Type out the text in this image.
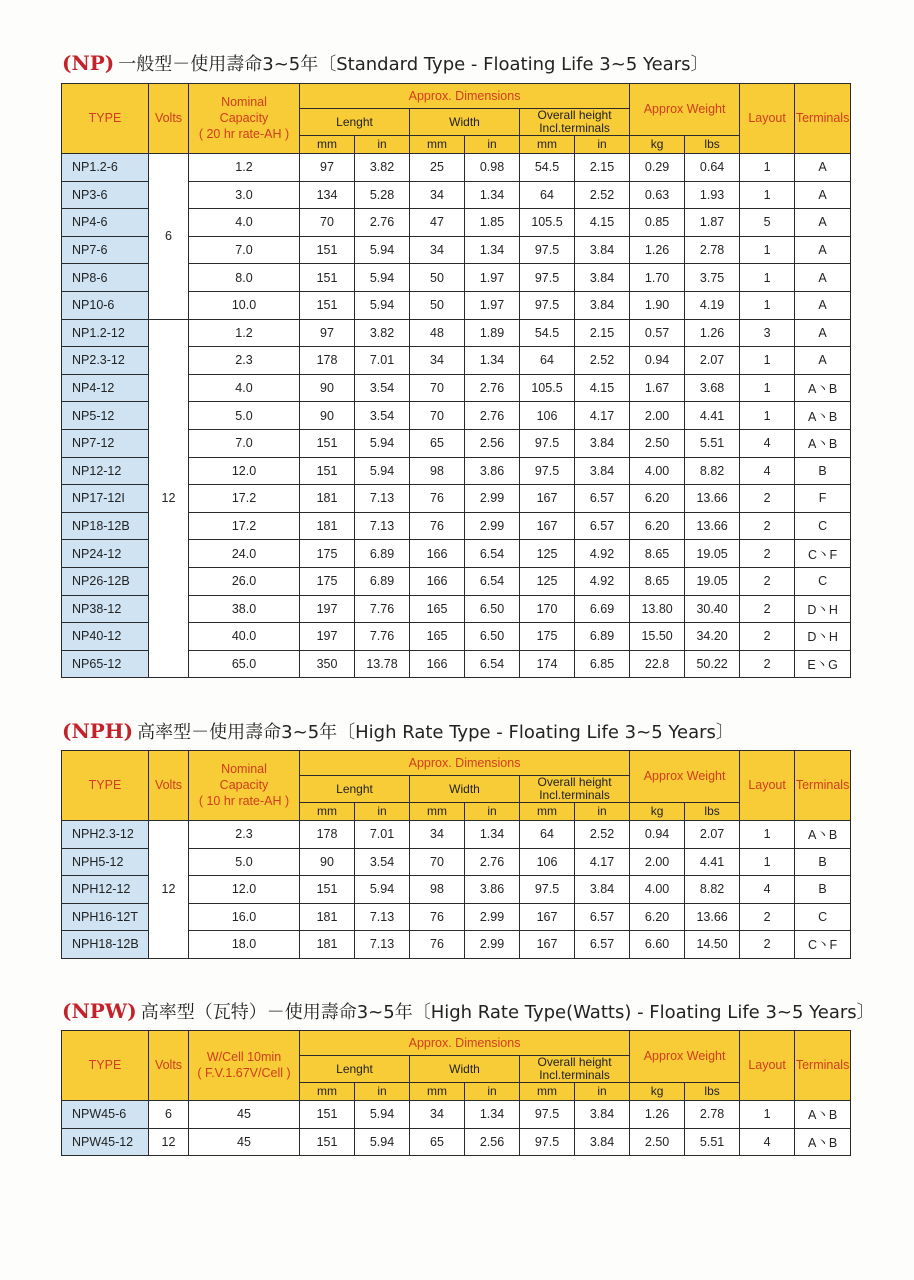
(NP) 一般型－使用壽命3~5年〔Standard Type - Floating Life 3~5 Years〕
TYPE	Volts	Nominal
Capacity
( 20 hr rate-AH )	Approx. Dimensions						Approx Weight		Layout	Terminals
			Lenght		Width		Overall height
Incl.terminals					

			mm	in	mm	in	mm	in	kg	lbs		
NP1.2-6	6	1.2	97	3.82	25	0.98	54.5	2.15	0.29	0.64	1	A
NP3-6		3.0	134	5.28	34	1.34	64	2.52	0.63	1.93	1	A
NP4-6		4.0	70	2.76	47	1.85	105.5	4.15	0.85	1.87	5	A
NP7-6		7.0	151	5.94	34	1.34	97.5	3.84	1.26	2.78	1	A
NP8-6		8.0	151	5.94	50	1.97	97.5	3.84	1.70	3.75	1	A
NP10-6		10.0	151	5.94	50	1.97	97.5	3.84	1.90	4.19	1	A
NP1.2-12	12	1.2	97	3.82	48	1.89	54.5	2.15	0.57	1.26	3	A
NP2.3-12		2.3	178	7.01	34	1.34	64	2.52	0.94	2.07	1	A
NP4-12		4.0	90	3.54	70	2.76	105.5	4.15	1.67	3.68	1	A丶B
NP5-12		5.0	90	3.54	70	2.76	106	4.17	2.00	4.41	1	A丶B
NP7-12		7.0	151	5.94	65	2.56	97.5	3.84	2.50	5.51	4	A丶B
NP12-12		12.0	151	5.94	98	3.86	97.5	3.84	4.00	8.82	4	B
NP17-12I		17.2	181	7.13	76	2.99	167	6.57	6.20	13.66	2	F
NP18-12B		17.2	181	7.13	76	2.99	167	6.57	6.20	13.66	2	C
NP24-12		24.0	175	6.89	166	6.54	125	4.92	8.65	19.05	2	C丶F
NP26-12B		26.0	175	6.89	166	6.54	125	4.92	8.65	19.05	2	C
NP38-12		38.0	197	7.76	165	6.50	170	6.69	13.80	30.40	2	D丶H
NP40-12		40.0	197	7.76	165	6.50	175	6.89	15.50	34.20	2	D丶H
NP65-12		65.0	350	13.78	166	6.54	174	6.85	22.8	50.22	2	E丶G
(NPH) 高率型－使用壽命3~5年〔High Rate Type - Floating Life 3~5 Years〕
TYPE	Volts	Nominal
Capacity
( 10 hr rate-AH )	Approx. Dimensions						Approx Weight		Layout	Terminals
			Lenght		Width		Overall height
Incl.terminals					

			mm	in	mm	in	mm	in	kg	lbs		
NPH2.3-12	12	2.3	178	7.01	34	1.34	64	2.52	0.94	2.07	1	A丶B
NPH5-12		5.0	90	3.54	70	2.76	106	4.17	2.00	4.41	1	B
NPH12-12		12.0	151	5.94	98	3.86	97.5	3.84	4.00	8.82	4	B
NPH16-12T		16.0	181	7.13	76	2.99	167	6.57	6.20	13.66	2	C
NPH18-12B		18.0	181	7.13	76	2.99	167	6.57	6.60	14.50	2	C丶F
(NPW) 高率型（瓦特）－使用壽命3~5年〔High Rate Type(Watts) - Floating Life 3~5 Years〕
TYPE	Volts	W/Cell 10min
( F.V.1.67V/Cell )	Approx. Dimensions						Approx Weight		Layout	Terminals
			Lenght		Width		Overall height
Incl.terminals					

			mm	in	mm	in	mm	in	kg	lbs		
NPW45-6	6	45	151	5.94	34	1.34	97.5	3.84	1.26	2.78	1	A丶B
NPW45-12	12	45	151	5.94	65	2.56	97.5	3.84	2.50	5.51	4	A丶B
